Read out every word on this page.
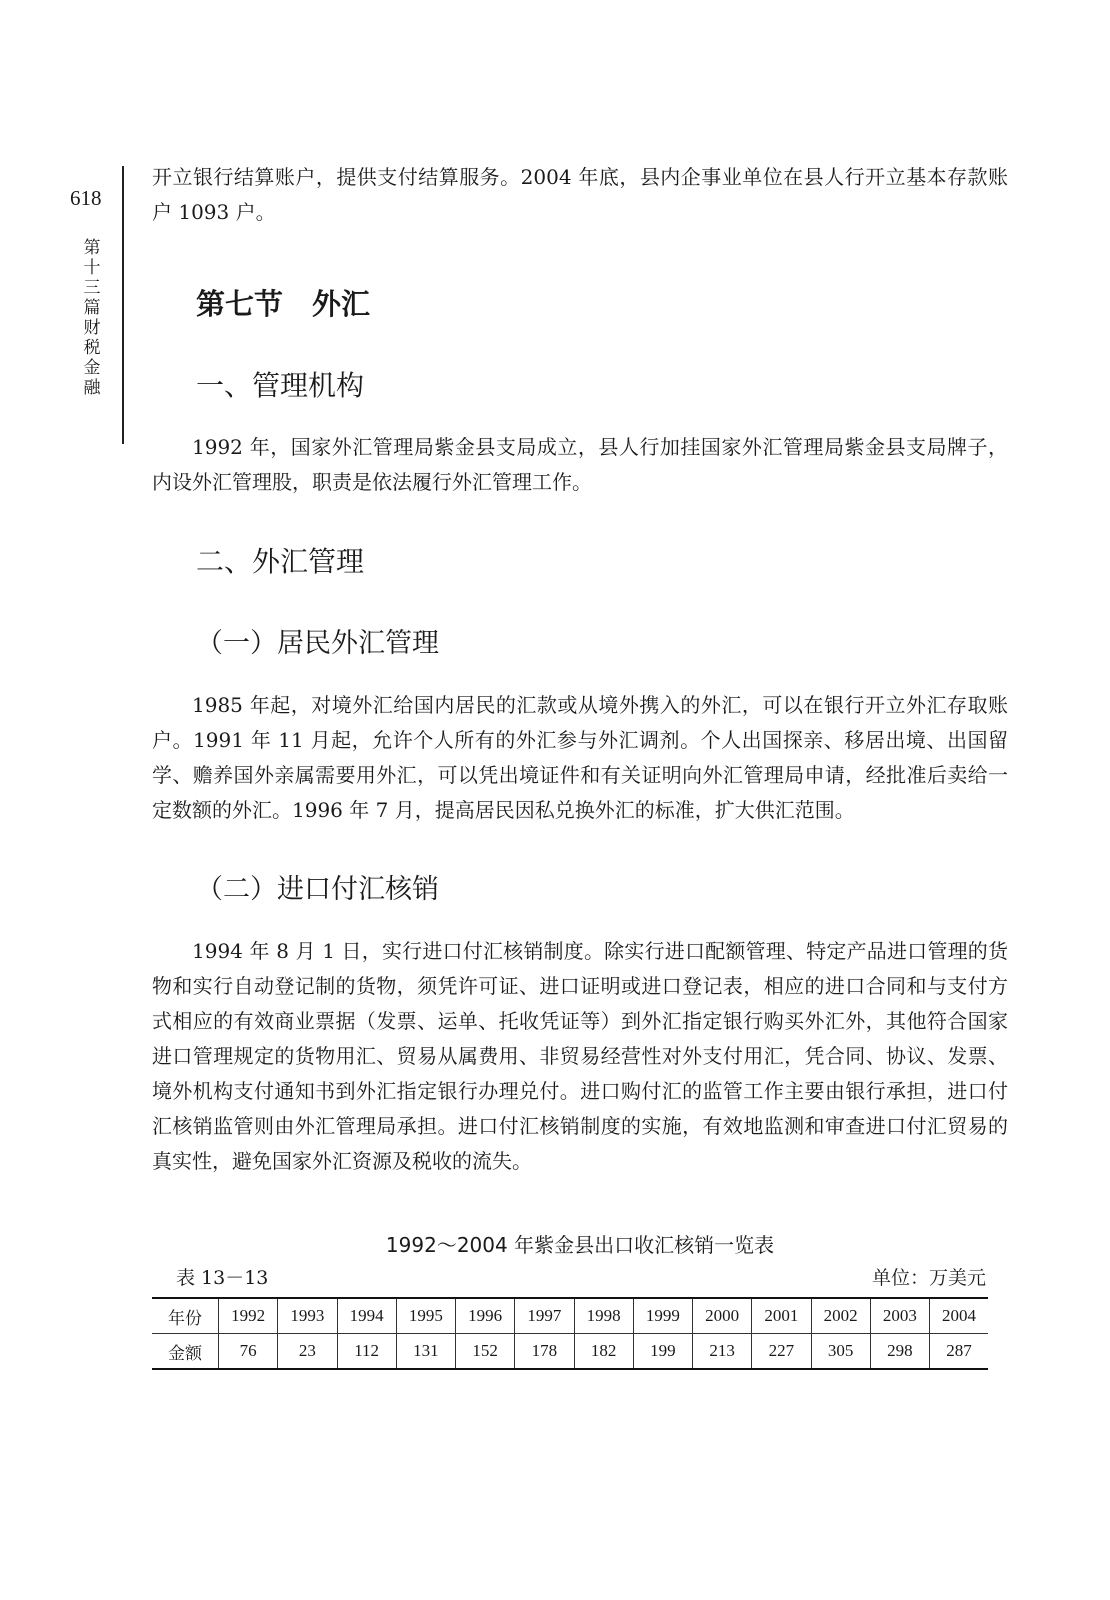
618
第十三篇 财税 金融

开立银行结算账户，提供支付结算服务。2004 年底，县内企事业单位在县人行开立基本存款账户 1093 户。

第七节　外汇
一、管理机构

1992 年，国家外汇管理局紫金县支局成立，县人行加挂国家外汇管理局紫金县支局牌子，内设外汇管理股，职责是依法履行外汇管理工作。

二、外汇管理
（一）居民外汇管理

1985 年起，对境外汇给国内居民的汇款或从境外携入的外汇，可以在银行开立外汇存取账户。1991 年 11 月起，允许个人所有的外汇参与外汇调剂。个人出国探亲、移居出境、出国留学、赡养国外亲属需要用外汇，可以凭出境证件和有关证明向外汇管理局申请，经批准后卖给一定数额的外汇。1996 年 7 月，提高居民因私兑换外汇的标准，扩大供汇范围。

（二）进口付汇核销

1994 年 8 月 1 日，实行进口付汇核销制度。除实行进口配额管理、特定产品进口管理的货物和实行自动登记制的货物，须凭许可证、进口证明或进口登记表，相应的进口合同和与支付方式相应的有效商业票据（发票、运单、托收凭证等）到外汇指定银行购买外汇外，其他符合国家进口管理规定的货物用汇、贸易从属费用、非贸易经营性对外支付用汇，凭合同、协议、发票、境外机构支付通知书到外汇指定银行办理兑付。进口购付汇的监管工作主要由银行承担，进口付汇核销监管则由外汇管理局承担。进口付汇核销制度的实施，有效地监测和审查进口付汇贸易的真实性，避免国家外汇资源及税收的流失。

1992～2004 年紫金县出口收汇核销一览表
表 13－13	单位：万美元
年份	1992	1993	1994	1995	1996	1997	1998	1999	2000	2001	2002	2003	2004
金额	76	23	112	131	152	178	182	199	213	227	305	298	287
